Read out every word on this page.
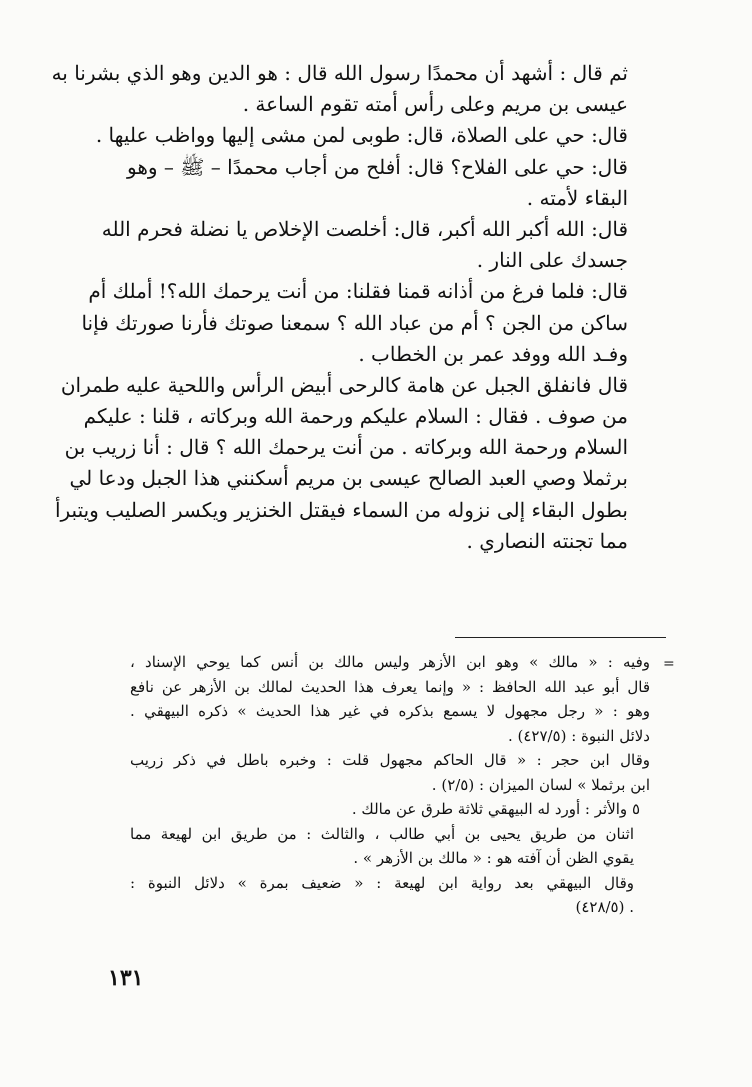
ثم قال : أشهد أن محمدًا رسول الله قال : هو الدين وهو الذي بشرنا به
عيسى بن مريم وعلى رأس أمته تقوم الساعة .
قال: حي على الصلاة، قال: طوبى لمن مشى إليها وواظب عليها .
قال: حي على الفلاح؟ قال: أفلح من أجاب محمدًا – ﷺ – وهو
البقاء لأمته .
قال: الله أكبر الله أكبر، قال: أخلصت الإخلاص يا نضلة فحرم الله
جسدك على النار .
قال: فلما فرغ من أذانه قمنا فقلنا: من أنت يرحمك الله؟! أملك أم
ساكن من الجن ؟ أم من عباد الله ؟ سمعنا صوتك فأرنا صورتك فإنا
وفـد الله ووفد عمر بن الخطاب .
قال فانفلق الجبل عن هامة كالرحى أبيض الرأس واللحية عليه طمران
من صوف . فقال : السلام عليكم ورحمة الله وبركاته ، قلنا : عليكم
السلام ورحمة الله وبركاته . من أنت يرحمك الله ؟ قال : أنا زريب بن
برثملا وصي العبد الصالح عيسى بن مريم أسكنني هذا الجبل ودعا لي
بطول البقاء إلى نزوله من السماء فيقتل الخنزير ويكسر الصليب ويتبرأ
مما تجنته النصاري .
=
وفيه : « مالك » وهو ابن الأزهر وليس مالك بن أنس كما يوحي الإسناد ،
قال أبو عبد الله الحافظ : « وإنما يعرف هذا الحديث لمالك بن الأزهر عن نافع
وهو : « رجل مجهول لا يسمع بذكره في غير هذا الحديث » ذكره البيهقي .
دلائل النبوة : (٤٢٧/٥) .
وقال ابن حجر : « قال الحاكم مجهول قلت : وخبره باطل في ذكر زريب
ابن برثملا » لسان الميزان : (٢/٥) .
٥ والأثر : أورد له البيهقي ثلاثة طرق عن مالك .
اثنان من طريق يحيى بن أبي طالب ، والثالث : من طريق ابن لهيعة مما
يقوي الظن أن آفته هو : « مالك بن الأزهر » .
وقال البيهقي بعد رواية ابن لهيعة : « ضعيف بمرة » دلائل النبوة :
. (٤٢٨/٥)
١٣١
